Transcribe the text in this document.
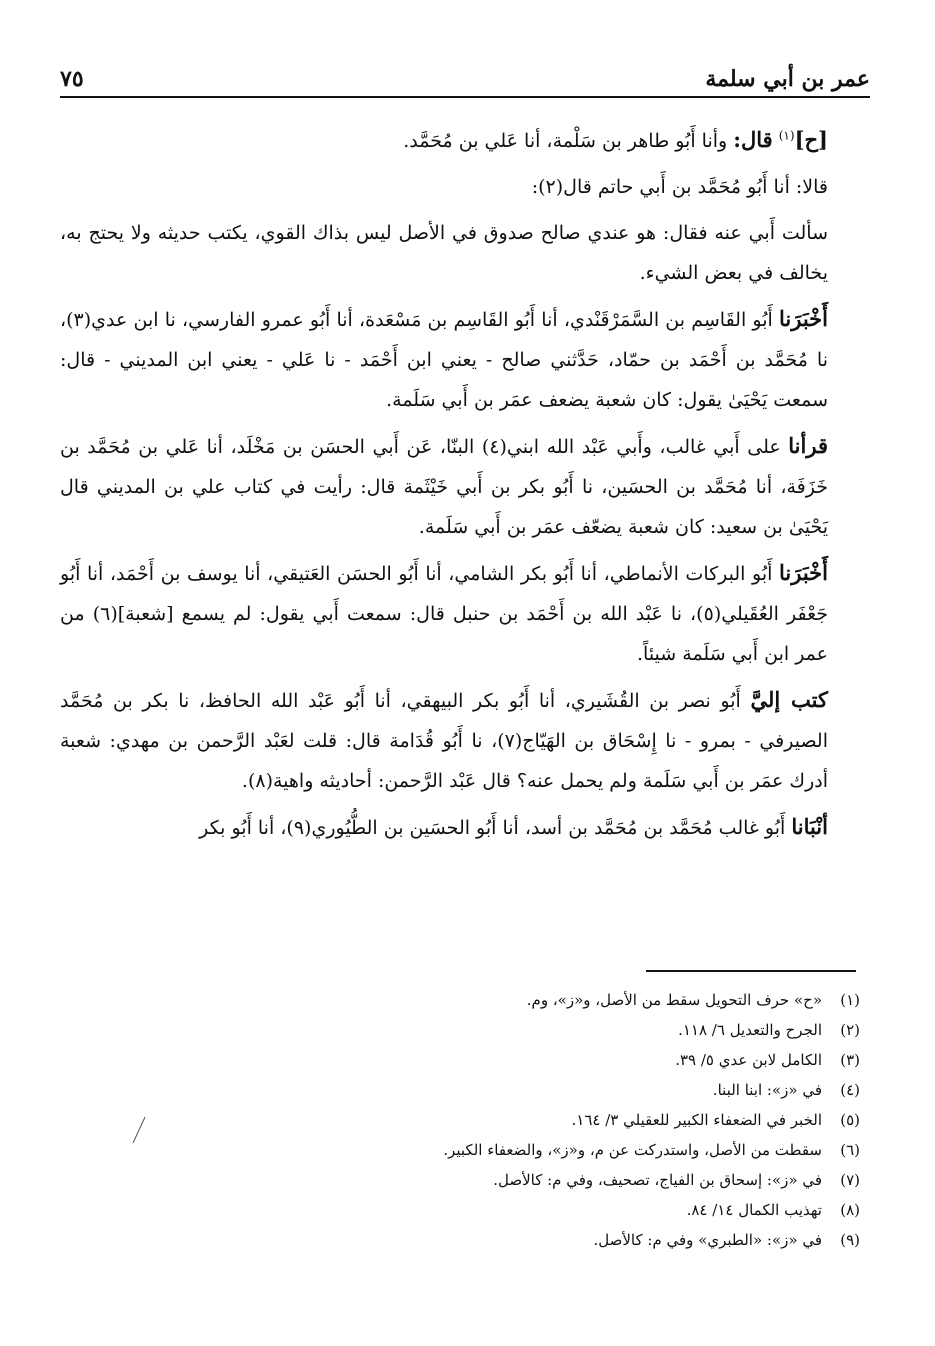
عمر بن أبي سلمة
٧٥

[ح]$^{(١)}$ قال: وأنا أَبُو طاهر بن سَلْمة، أنا عَلي بن مُحَمَّد.

قالا: أنا أَبُو مُحَمَّد بن أَبي حاتم قال(٢):

سألت أَبي عنه فقال: هو عندي صالح صدوق في الأصل ليس بذاك القوي، يكتب حديثه ولا يحتج به، يخالف في بعض الشيء.

أَخْبَرَنا أَبُو القَاسِم بن السَّمَرْقَنْدي، أنا أَبُو القَاسِم بن مَسْعَدة، أنا أَبُو عمرو الفارسي، نا ابن عدي(٣)، نا مُحَمَّد بن أَحْمَد بن حمّاد، حَدَّثني صالح - يعني ابن أَحْمَد - نا عَلي - يعني ابن المديني - قال: سمعت يَحْيَىٰ يقول: كان شعبة يضعف عمَر بن أَبي سَلَمة.

قرأنا على أَبي غالب، وأَبي عَبْد الله ابني(٤) البنّا، عَن أَبي الحسَن بن مَخْلَد، أنا عَلي بن مُحَمَّد بن خَزَفَة، أنا مُحَمَّد بن الحسَين، نا أَبُو بكر بن أَبي خَيْثَمة قال: رأيت في كتاب علي بن المديني قال يَحْيَىٰ بن سعيد: كان شعبة يضعّف عمَر بن أَبي سَلَمة.

أَخْبَرَنا أَبُو البركات الأنماطي، أنا أَبُو بكر الشامي، أنا أَبُو الحسَن العَتيقي، أنا يوسف بن أَحْمَد، أنا أَبُو جَعْفَر العُقَيلي(٥)، نا عَبْد الله بن أَحْمَد بن حنبل قال: سمعت أَبي يقول: لم يسمع [شعبة](٦) من عمر ابن أَبي سَلَمة شيئاً.

كتب إليَّ أَبُو نصر بن القُشَيري، أنا أَبُو بكر البيهقي، أنا أَبُو عَبْد الله الحافظ، نا بكر بن مُحَمَّد الصيرفي - بمرو - نا إِسْحَاق بن الهَيّاج(٧)، نا أَبُو قُدَامة قال: قلت لعَبْد الرَّحمن بن مهدي: شعبة أدرك عمَر بن أَبي سَلَمة ولم يحمل عنه؟ قال عَبْد الرَّحمن: أحاديثه واهية(٨).

أنْبَانا أَبُو غالب مُحَمَّد بن مُحَمَّد بن أسد، أنا أَبُو الحسَين بن الطُّيُوري(٩)، أنا أَبُو بكر

(١)«ح» حرف التحويل سقط من الأصل، و«ز»، وم.
(٢)الجرح والتعديل ٦/ ١١٨.
(٣)الكامل لابن عدي ٥/ ٣٩.
(٤)في «ز»: ابنا البنا.
(٥)الخبر في الضعفاء الكبير للعقيلي ٣/ ١٦٤.
(٦)سقطت من الأصل، واستدركت عن م، و«ز»، والضعفاء الكبير.
(٧)في «ز»: إسحاق بن الفياج، تصحيف، وفي م: كالأصل.
(٨)تهذيب الكمال ١٤/ ٨٤.
(٩)في «ز»: «الطبري» وفي م: كالأصل.
